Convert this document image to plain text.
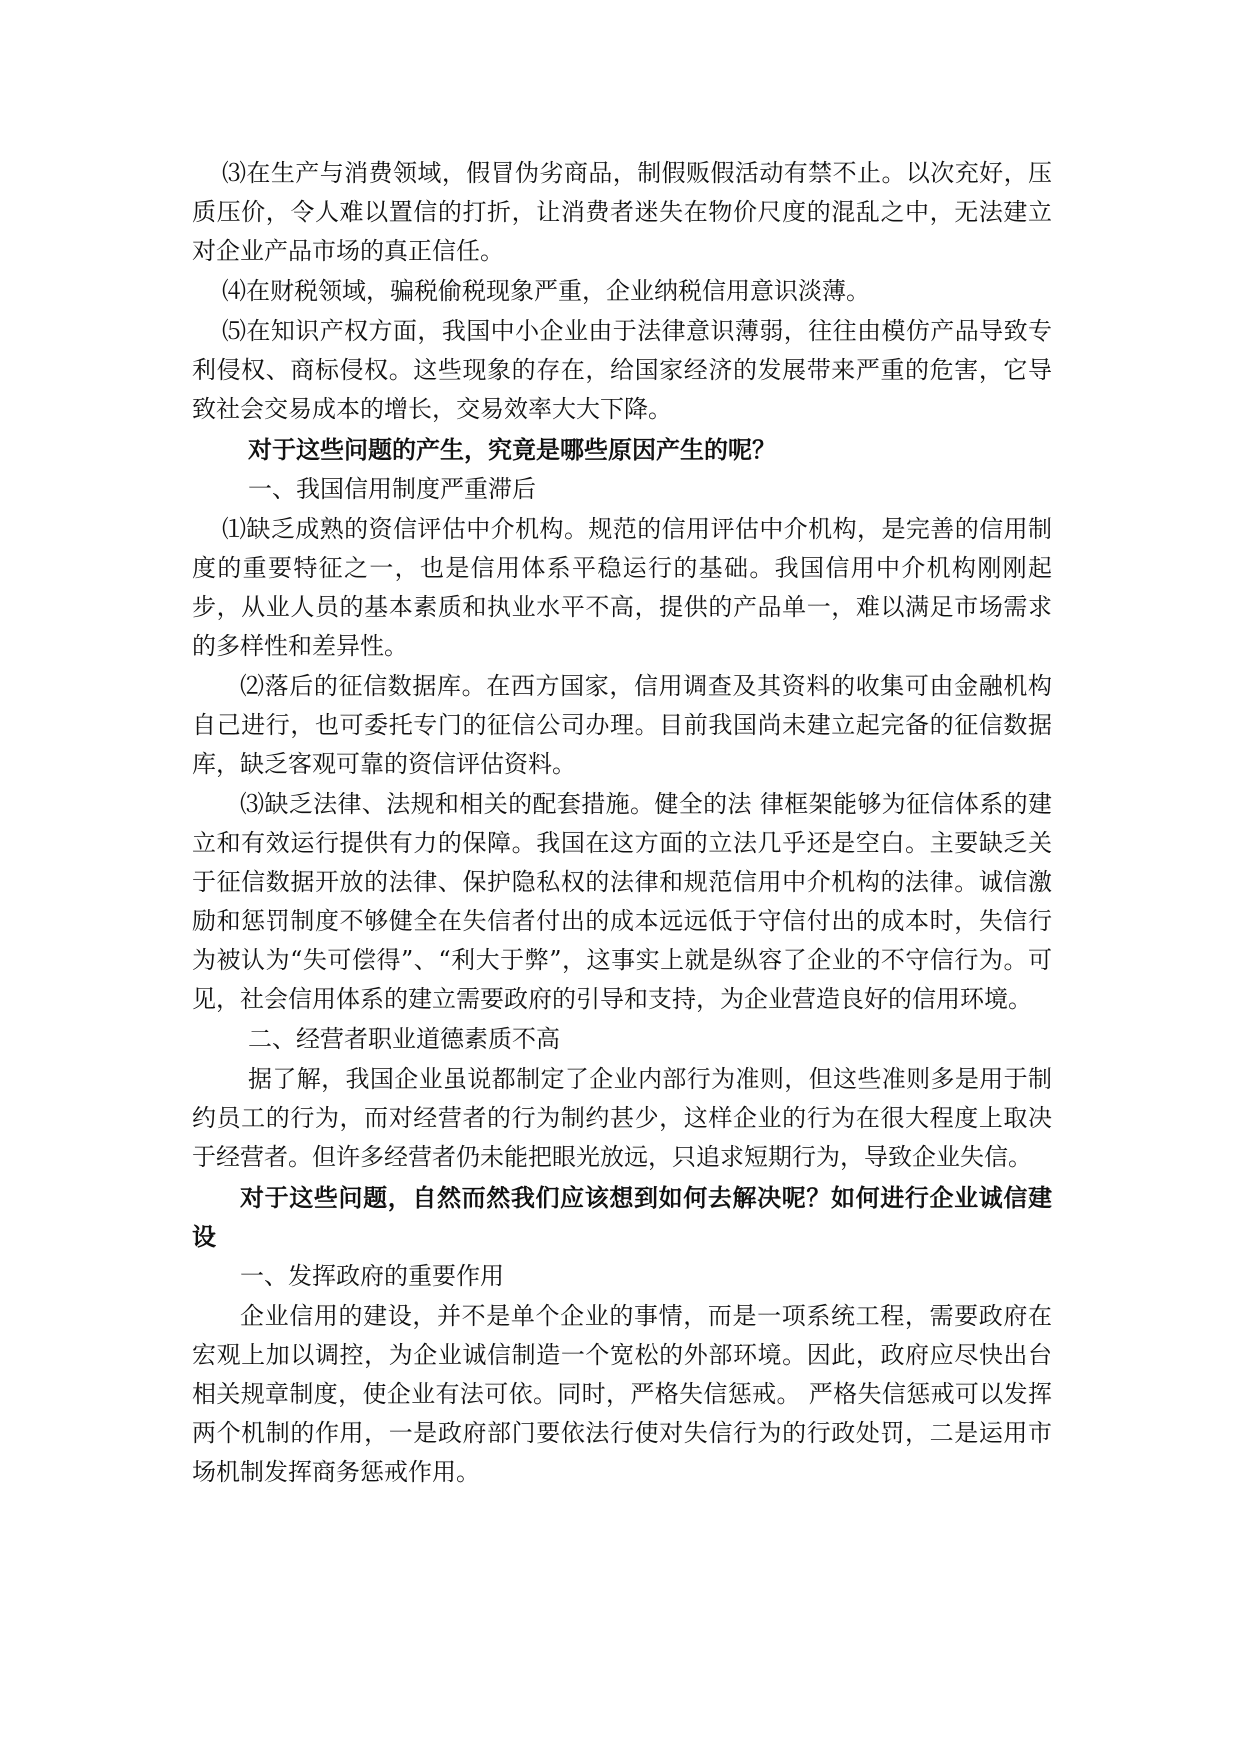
⑶在生产与消费领域，假冒伪劣商品，制假贩假活动有禁不止。以次充好，压质压价，令人难以置信的打折，让消费者迷失在物价尺度的混乱之中，无法建立对企业产品市场的真正信任。

⑷在财税领域，骗税偷税现象严重，企业纳税信用意识淡薄。

⑸在知识产权方面，我国中小企业由于法律意识薄弱，往往由模仿产品导致专利侵权、商标侵权。这些现象的存在，给国家经济的发展带来严重的危害，它导致社会交易成本的增长，交易效率大大下降。

对于这些问题的产生，究竟是哪些原因产生的呢？

一、我国信用制度严重滞后

⑴缺乏成熟的资信评估中介机构。规范的信用评估中介机构，是完善的信用制度的重要特征之一，也是信用体系平稳运行的基础。我国信用中介机构刚刚起步，从业人员的基本素质和执业水平不高，提供的产品单一，难以满足市场需求的多样性和差异性。

⑵落后的征信数据库。在西方国家，信用调查及其资料的收集可由金融机构自己进行，也可委托专门的征信公司办理。目前我国尚未建立起完备的征信数据库，缺乏客观可靠的资信评估资料。

⑶缺乏法律、法规和相关的配套措施。健全的法 律框架能够为征信体系的建立和有效运行提供有力的保障。我国在这方面的立法几乎还是空白。主要缺乏关于征信数据开放的法律、保护隐私权的法律和规范信用中介机构的法律。诚信激励和惩罚制度不够健全在失信者付出的成本远远低于守信付出的成本时，失信行为被认为“失可偿得”、“利大于弊”，这事实上就是纵容了企业的不守信行为。可见，社会信用体系的建立需要政府的引导和支持，为企业营造良好的信用环境。

二、经营者职业道德素质不高

据了解，我国企业虽说都制定了企业内部行为准则，但这些准则多是用于制约员工的行为，而对经营者的行为制约甚少，这样企业的行为在很大程度上取决于经营者。但许多经营者仍未能把眼光放远，只追求短期行为，导致企业失信。

对于这些问题，自然而然我们应该想到如何去解决呢？如何进行企业诚信建设

一、发挥政府的重要作用

企业信用的建设，并不是单个企业的事情，而是一项系统工程，需要政府在宏观上加以调控，为企业诚信制造一个宽松的外部环境。因此，政府应尽快出台相关规章制度，使企业有法可依。同时，严格失信惩戒。 严格失信惩戒可以发挥两个机制的作用，一是政府部门要依法行使对失信行为的行政处罚，二是运用市场机制发挥商务惩戒作用。
